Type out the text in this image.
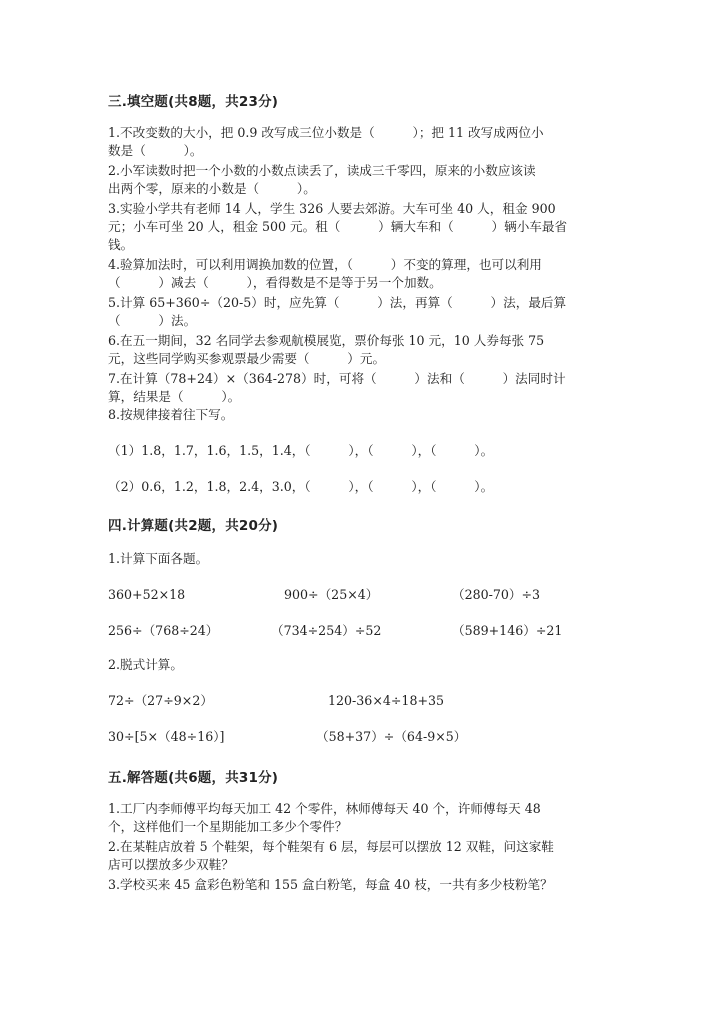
三.填空题(共8题，共23分)
1.不改变数的大小，把 0.9 改写成三位小数是（　　　）；把 11 改写成两位小
数是（　　　）。
2.小军读数时把一个小数的小数点读丢了，读成三千零四，原来的小数应该读
出两个零，原来的小数是（　　　）。
3.实验小学共有老师 14 人，学生 326 人要去郊游。大车可坐 40 人，租金 900
元；小车可坐 20 人，租金 500 元。租（　　　）辆大车和（　　　）辆小车最省
钱。
4.验算加法时，可以利用调换加数的位置，（　　　）不变的算理，也可以利用
（　　　）减去（　　　），看得数是不是等于另一个加数。
5.计算 65+360÷（20-5）时，应先算（　　　）法，再算（　　　）法，最后算
（　　　）法。
6.在五一期间，32 名同学去参观航模展览，票价每张 10 元，10 人券每张 75
元，这些同学购买参观票最少需要（　　　）元。
7.在计算（78+24）×（364-278）时，可将（　　　）法和（　　　）法同时计
算，结果是（　　　）。
8.按规律接着往下写。
（1）1.8，1.7，1.6，1.5，1.4，（　　　），（　　　），（　　　）。
（2）0.6，1.2，1.8，2.4，3.0，（　　　），（　　　），（　　　）。
四.计算题(共2题，共20分)
1.计算下面各题。
360+52×18	900÷（25×4）	（280-70）÷3
256÷（768÷24）	（734÷254）÷52	（589+146）÷21
2.脱式计算。
72÷（27÷9×2）	120-36×4÷18+35
30÷[5×（48÷16）]	（58+37）÷（64-9×5）
五.解答题(共6题，共31分)
1.工厂内李师傅平均每天加工 42 个零件，林师傅每天 40 个，许师傅每天 48
个，这样他们一个星期能加工多少个零件？
2.在某鞋店放着 5 个鞋架，每个鞋架有 6 层，每层可以摆放 12 双鞋，问这家鞋
店可以摆放多少双鞋？
3.学校买来 45 盒彩色粉笔和 155 盒白粉笔，每盒 40 枝，一共有多少枝粉笔？
